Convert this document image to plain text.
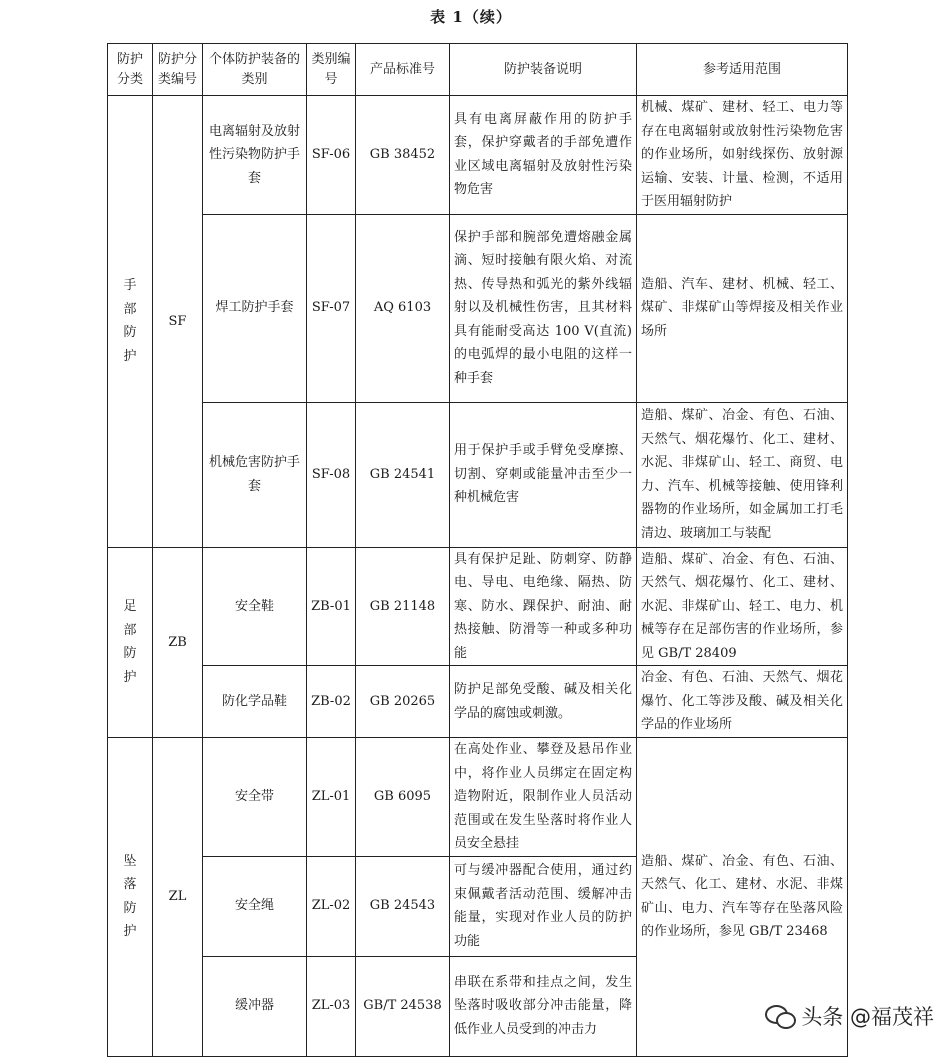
表 1（续）
防护分类	防护分类编号	个体防护装备的类别	类别编号	产品标准号	防护装备说明	参考适用范围

手
部
防
护	SF	电离辐射及放射性污染物防护手套	SF-06	GB 38452	具有电离屏蔽作用的防护手套，保护穿戴者的手部免遭作业区域电离辐射及放射性污染物危害	机械、煤矿、建材、轻工、电力等存在电离辐射或放射性污染物危害的作业场所，如射线探伤、放射源运输、安装、计量、检测，不适用于医用辐射防护
		焊工防护手套	SF-07	AQ 6103	保护手部和腕部免遭熔融金属滴、短时接触有限火焰、对流热、传导热和弧光的紫外线辐射以及机械性伤害，且其材料具有能耐受高达 100 V(直流)的电弧焊的最小电阻的这样一种手套	造船、汽车、建材、机械、轻工、煤矿、非煤矿山等焊接及相关作业场所
		机械危害防护手套	SF-08	GB 24541	用于保护手或手臂免受摩擦、切割、穿刺或能量冲击至少一种机械危害	造船、煤矿、冶金、有色、石油、天然气、烟花爆竹、化工、建材、水泥、非煤矿山、轻工、商贸、电力、汽车、机械等接触、使用锋利器物的作业场所，如金属加工打毛清边、玻璃加工与装配

足
部
防
护	ZB	安全鞋	ZB-01	GB 21148	具有保护足趾、防刺穿、防静电、导电、电绝缘、隔热、防寒、防水、踝保护、耐油、耐热接触、防滑等一种或多种功能	造船、煤矿、冶金、有色、石油、天然气、烟花爆竹、化工、建材、水泥、非煤矿山、轻工、电力、机械等存在足部伤害的作业场所，参见 GB/T 28409
		防化学品鞋	ZB-02	GB 20265	防护足部免受酸、碱及相关化学品的腐蚀或刺激。	冶金、有色、石油、天然气、烟花爆竹、化工等涉及酸、碱及相关化学品的作业场所

坠
落
防
护	ZL	安全带	ZL-01	GB 6095	在高处作业、攀登及悬吊作业中，将作业人员绑定在固定构造物附近，限制作业人员活动范围或在发生坠落时将作业人员安全悬挂	造船、煤矿、冶金、有色、石油、天然气、化工、建材、水泥、非煤矿山、电力、汽车等存在坠落风险的作业场所，参见 GB/T 23468
		安全绳	ZL-02	GB 24543	可与缓冲器配合使用，通过约束佩戴者活动范围、缓解冲击能量，实现对作业人员的防护功能	
		缓冲器	ZL-03	GB/T 24538	串联在系带和挂点之间，发生坠落时吸收部分冲击能量，降低作业人员受到的冲击力	
头条 @福茂祥
